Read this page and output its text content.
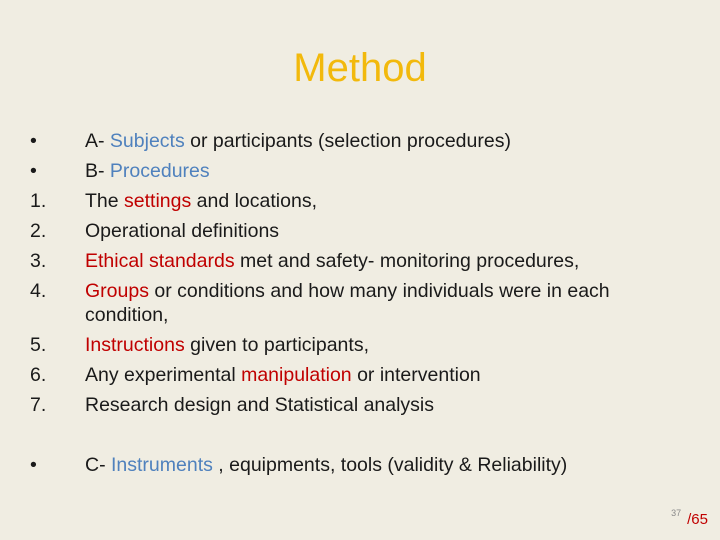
Method
•	A- Subjects or participants (selection procedures)
•	B- Procedures
1.	The settings and locations,
2.	Operational definitions
3.	Ethical standards met and safety- monitoring procedures,
4.	Groups or conditions and how many individuals were in each condition,
5.	Instructions given to participants,
6.	Any experimental manipulation or intervention
7.	Research design and Statistical analysis
•	C- Instruments , equipments, tools (validity & Reliability)
$^{37}$ /65
